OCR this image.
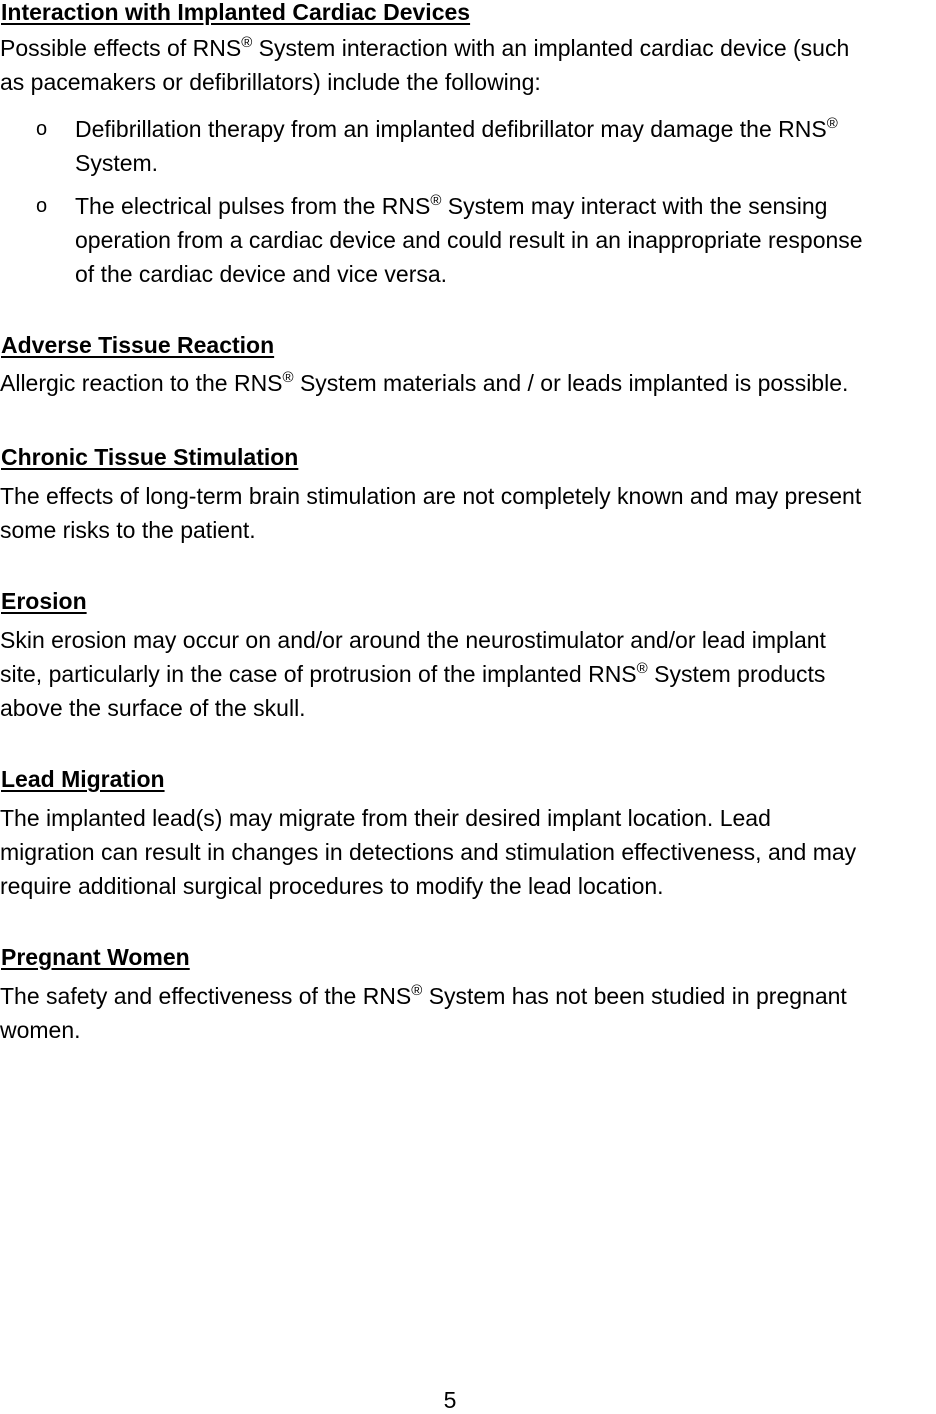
Interaction with Implanted Cardiac Devices
Possible effects of RNS® System interaction with an implanted cardiac device (such
as pacemakers or defibrillators) include the following:
o Defibrillation therapy from an implanted defibrillator may damage the RNS®
System.
o The electrical pulses from the RNS® System may interact with the sensing
operation from a cardiac device and could result in an inappropriate response
of the cardiac device and vice versa.
Adverse Tissue Reaction
Allergic reaction to the RNS® System materials and / or leads implanted is possible.
Chronic Tissue Stimulation
The effects of long-term brain stimulation are not completely known and may present
some risks to the patient.
Erosion
Skin erosion may occur on and/or around the neurostimulator and/or lead implant
site, particularly in the case of protrusion of the implanted RNS® System products
above the surface of the skull.
Lead Migration
The implanted lead(s) may migrate from their desired implant location. Lead
migration can result in changes in detections and stimulation effectiveness, and may
require additional surgical procedures to modify the lead location.
Pregnant Women
The safety and effectiveness of the RNS® System has not been studied in pregnant
women.
5
